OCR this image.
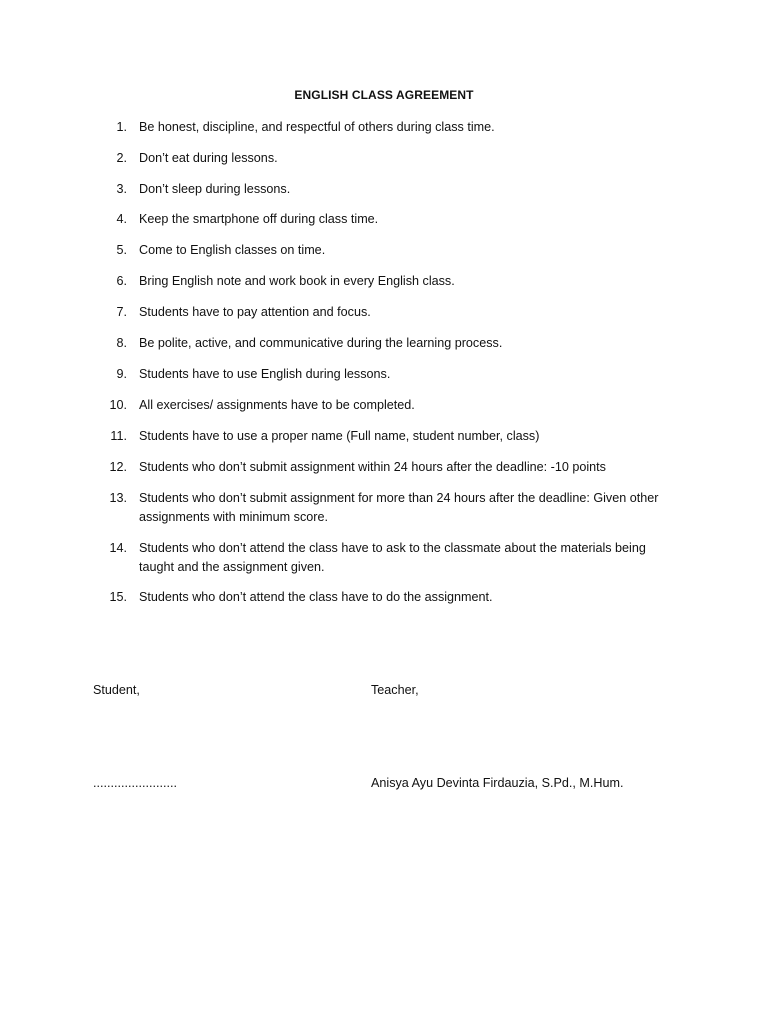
ENGLISH CLASS AGREEMENT
1. Be honest, discipline, and respectful of others during class time.
2. Don’t eat during lessons.
3. Don’t sleep during lessons.
4. Keep the smartphone off during class time.
5. Come to English classes on time.
6. Bring English note and work book in every English class.
7. Students have to pay attention and focus.
8. Be polite, active, and communicative during the learning process.
9. Students have to use English during lessons.
10. All exercises/ assignments have to be completed.
11. Students have to use a proper name (Full name, student number, class)
12. Students who don’t submit assignment within 24 hours after the deadline: -10 points
13. Students who don’t submit assignment for more than 24 hours after the deadline: Given other assignments with minimum score.
14. Students who don’t attend the class have to ask to the classmate about the materials being taught and the assignment given.
15. Students who don’t attend the class have to do the assignment.
Student,	Teacher,
........................	Anisya Ayu Devinta Firdauzia, S.Pd., M.Hum.
